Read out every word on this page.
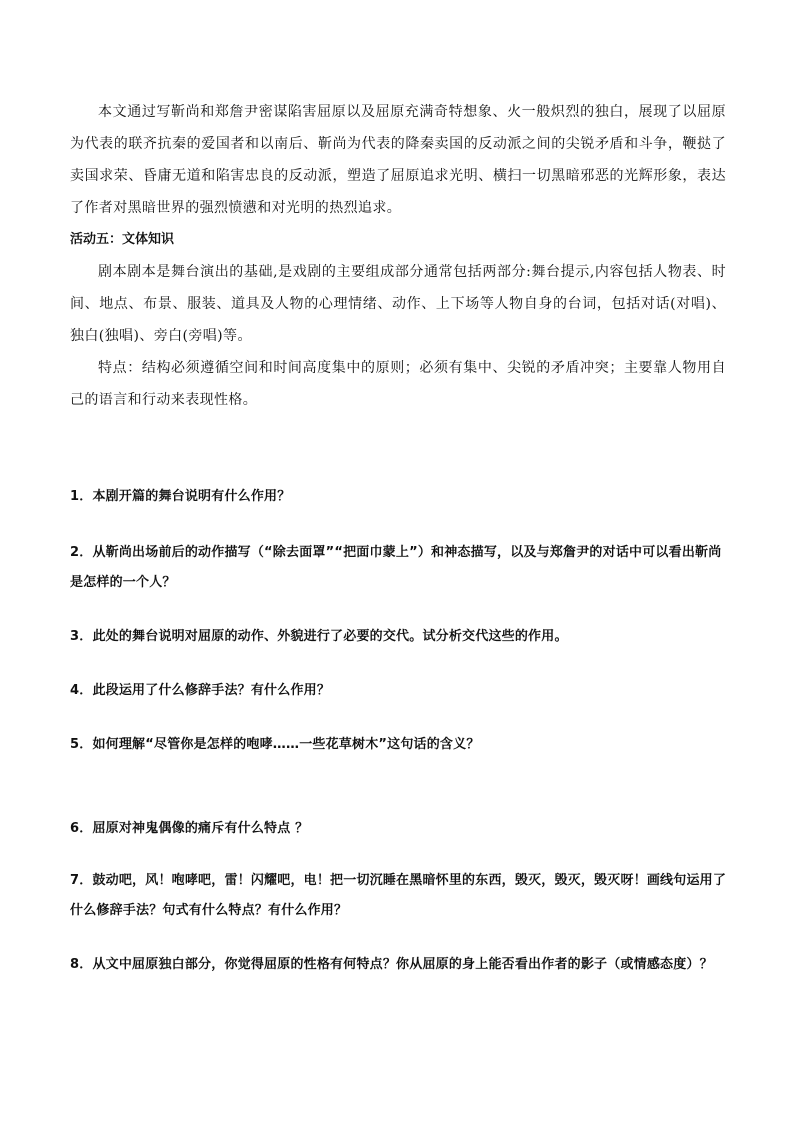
本文通过写靳尚和郑詹尹密谋陷害屈原以及屈原充满奇特想象、火一般炽烈的独白，展现了以屈原为代表的联齐抗秦的爱国者和以南后、靳尚为代表的降秦卖国的反动派之间的尖锐矛盾和斗争，鞭挞了卖国求荣、昏庸无道和陷害忠良的反动派，塑造了屈原追求光明、横扫一切黑暗邪恶的光辉形象，表达了作者对黑暗世界的强烈愤懑和对光明的热烈追求。

活动五：文体知识

剧本剧本是舞台演出的基础,是戏剧的主要组成部分通常包括两部分:舞台提示,内容包括人物表、时间、地点、布景、服装、道具及人物的心理情绪、动作、上下场等人物自身的台词，包括对话(对唱)、独白(独唱)、旁白(旁唱)等。

特点：结构必须遵循空间和时间高度集中的原则；必须有集中、尖锐的矛盾冲突；主要靠人物用自己的语言和行动来表现性格。

1．本剧开篇的舞台说明有什么作用？

2．从靳尚出场前后的动作描写（“除去面罩”“把面巾蒙上”）和神态描写，以及与郑詹尹的对话中可以看出靳尚是怎样的一个人？

3．此处的舞台说明对屈原的动作、外貌进行了必要的交代。试分析交代这些的作用。

4．此段运用了什么修辞手法？有什么作用？

5．如何理解“尽管你是怎样的咆哮……一些花草树木”这句话的含义？

6．屈原对神鬼偶像的痛斥有什么特点 ？

7．鼓动吧，风！咆哮吧，雷！闪耀吧，电！把一切沉睡在黑暗怀里的东西，毁灭，毁灭，毁灭呀！画线句运用了什么修辞手法？句式有什么特点？有什么作用？

8．从文中屈原独白部分，你觉得屈原的性格有何特点？你从屈原的身上能否看出作者的影子（或情感态度）？
